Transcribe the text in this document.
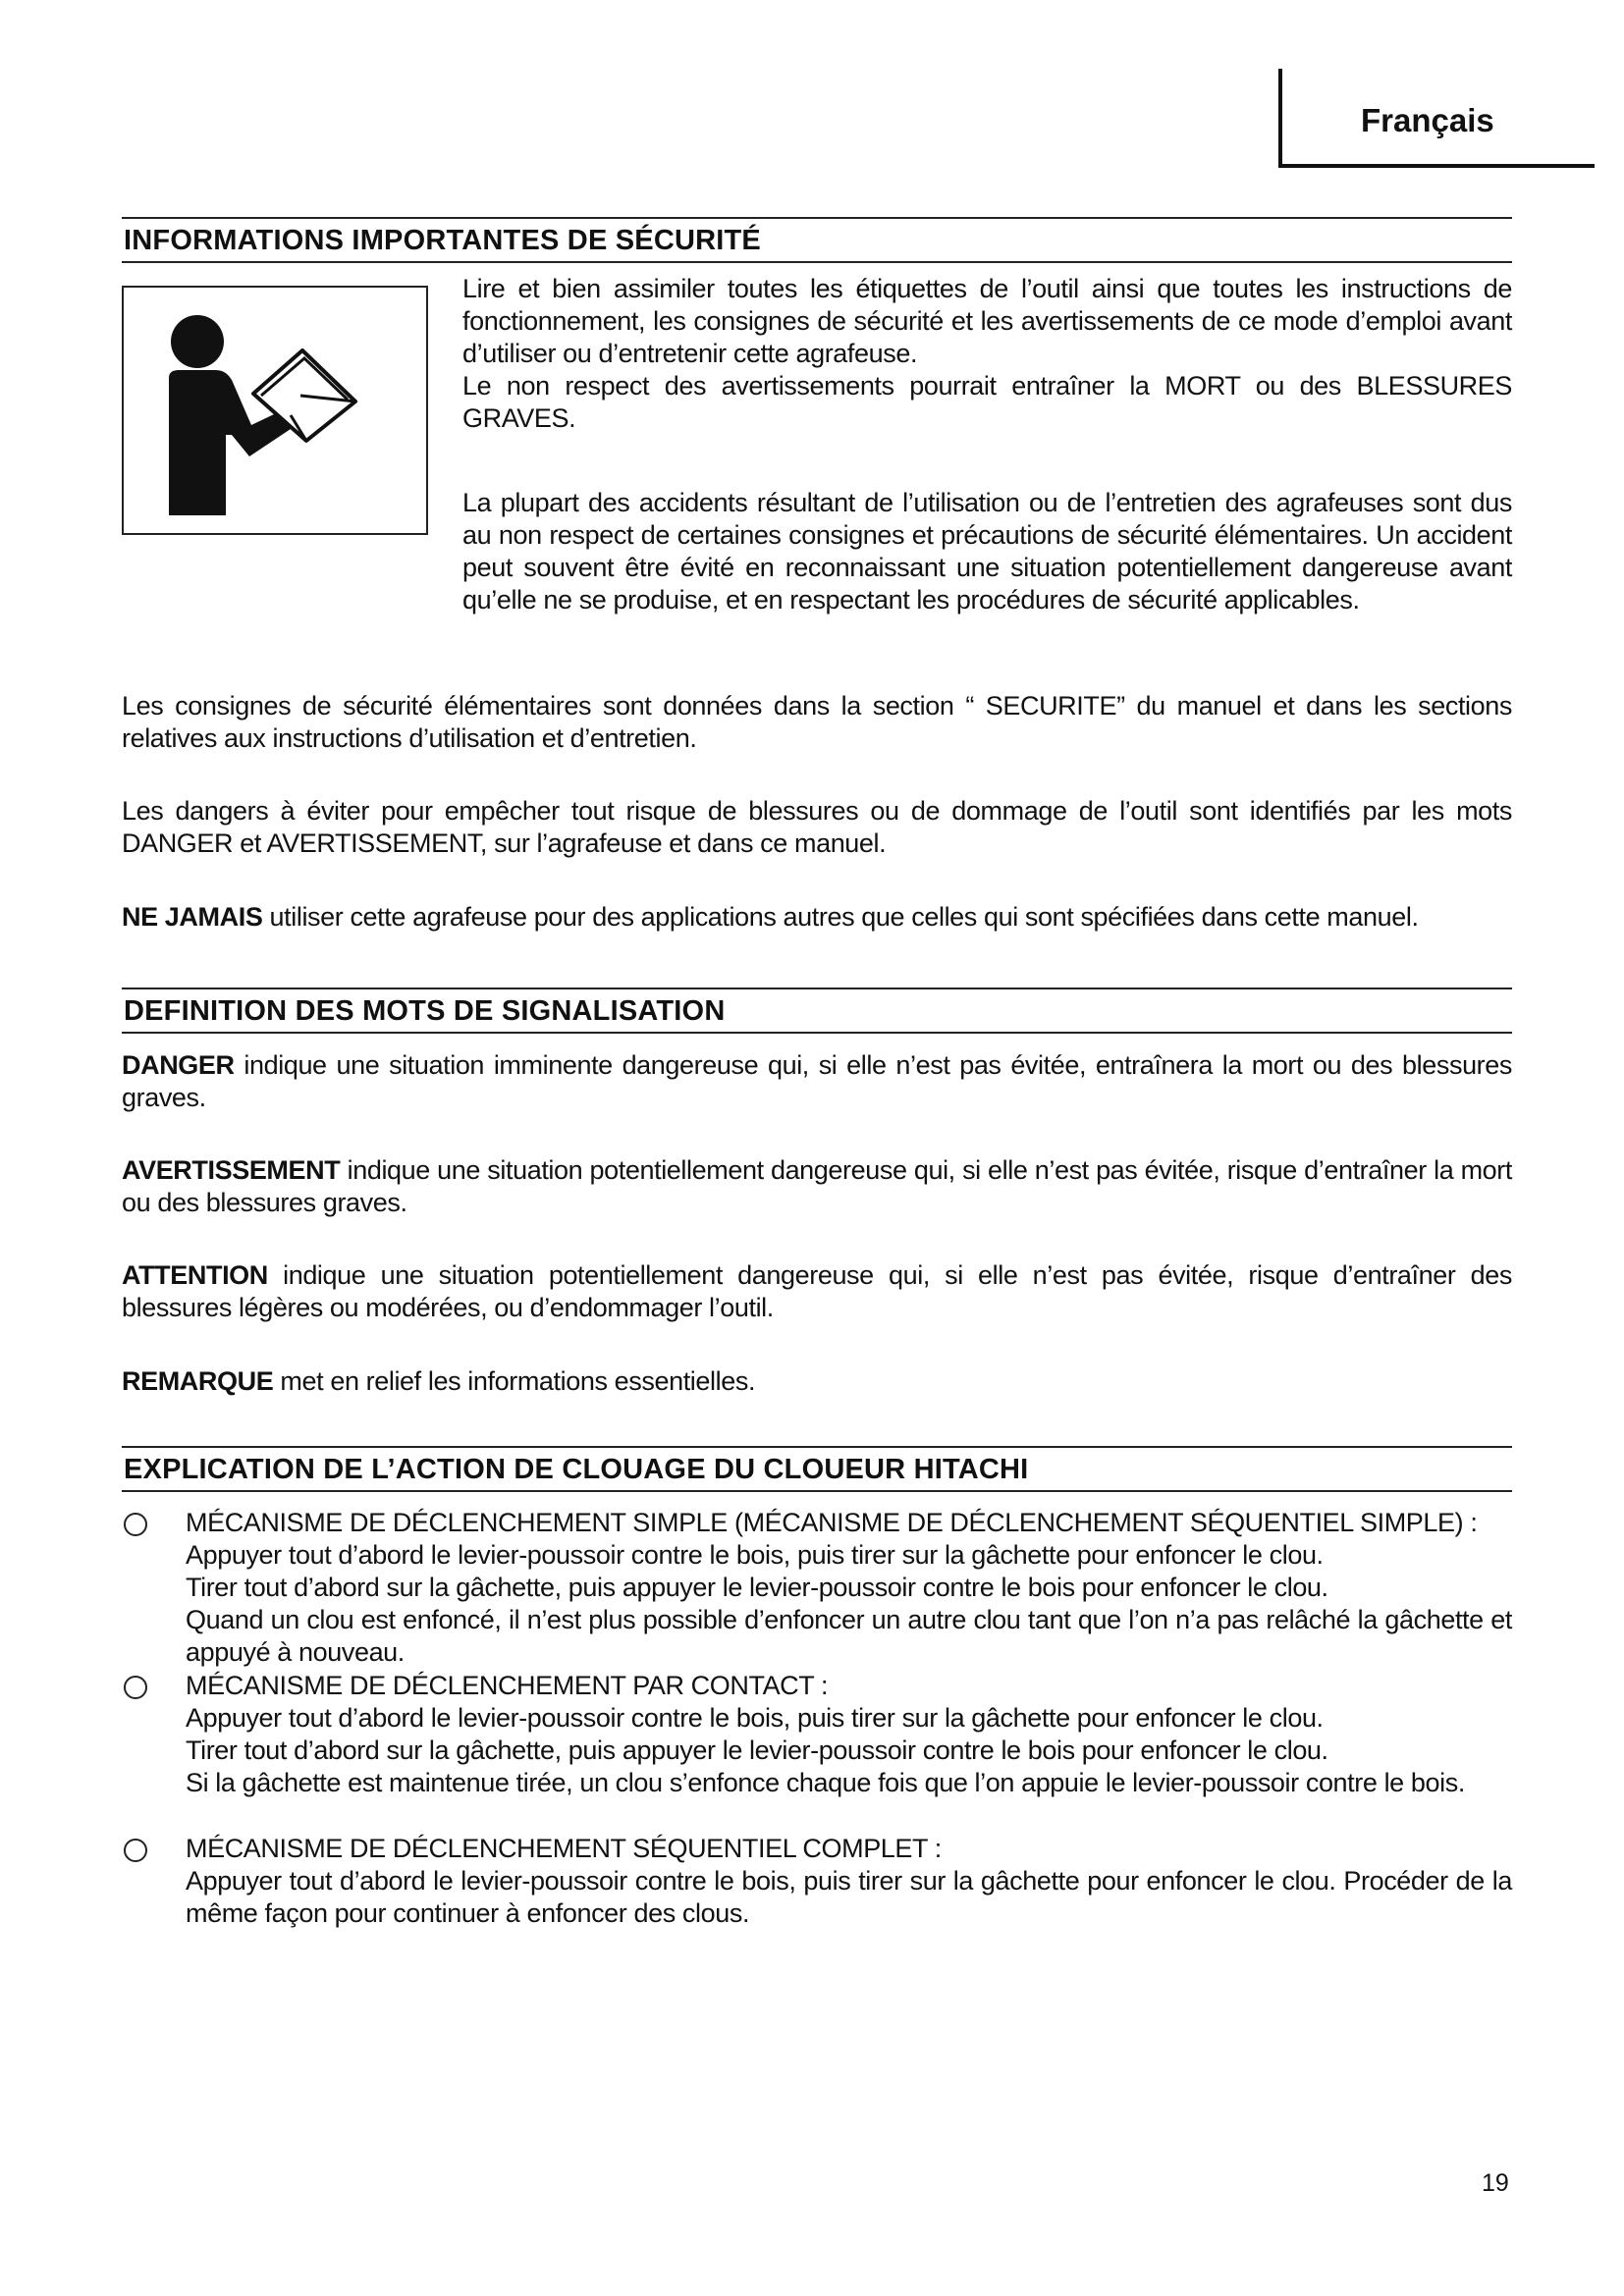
Français
INFORMATIONS IMPORTANTES DE SÉCURITÉ
Lire et bien assimiler toutes les étiquettes de l’outil ainsi que toutes les instructions de fonctionnement, les consignes de sécurité et les avertissements de ce mode d’emploi avant d’utiliser ou d’entretenir cette agrafeuse.
Le non respect des avertissements pourrait entraîner la MORT ou des BLESSURES GRAVES.
La plupart des accidents résultant de l’utilisation ou de l’entretien des agrafeuses sont dus au non respect de certaines consignes et précautions de sécurité élémentaires. Un accident peut souvent être évité en reconnaissant une situation potentiellement dangereuse avant qu’elle ne se produise, et en respectant les procédures de sécurité applicables.
Les consignes de sécurité élémentaires sont données dans la section “ SECURITE” du manuel et dans les sections relatives aux instructions d’utilisation et d’entretien.
Les dangers à éviter pour empêcher tout risque de blessures ou de dommage de l’outil sont identifiés par les mots DANGER et AVERTISSEMENT, sur l’agrafeuse et dans ce manuel.
NE JAMAIS utiliser cette agrafeuse pour des applications autres que celles qui sont spécifiées dans cette manuel.
DEFINITION DES MOTS DE SIGNALISATION
DANGER indique une situation imminente dangereuse qui, si elle n’est pas évitée, entraînera la mort ou des blessures graves.
AVERTISSEMENT indique une situation potentiellement dangereuse qui, si elle n’est pas évitée, risque d’entraîner la mort ou des blessures graves.
ATTENTION indique une situation potentiellement dangereuse qui, si elle n’est pas évitée, risque d’entraîner des blessures légères ou modérées, ou d’endommager l’outil.
REMARQUE met en relief les informations essentielles.
EXPLICATION DE L’ACTION DE CLOUAGE DU CLOUEUR HITACHI
MÉCANISME DE DÉCLENCHEMENT SIMPLE (MÉCANISME DE DÉCLENCHEMENT SÉQUENTIEL SIMPLE) :
Appuyer tout d’abord le levier-poussoir contre le bois, puis tirer sur la gâchette pour enfoncer le clou.
Tirer tout d’abord sur la gâchette, puis appuyer le levier-poussoir contre le bois pour enfoncer le clou.
Quand un clou est enfoncé, il n’est plus possible d’enfoncer un autre clou tant que l’on n’a pas relâché la gâchette et appuyé à nouveau.
MÉCANISME DE DÉCLENCHEMENT PAR CONTACT :
Appuyer tout d’abord le levier-poussoir contre le bois, puis tirer sur la gâchette pour enfoncer le clou.
Tirer tout d’abord sur la gâchette, puis appuyer le levier-poussoir contre le bois pour enfoncer le clou.
Si la gâchette est maintenue tirée, un clou s’enfonce chaque fois que l’on appuie le levier-poussoir contre le bois.
MÉCANISME DE DÉCLENCHEMENT SÉQUENTIEL COMPLET :
Appuyer tout d’abord le levier-poussoir contre le bois, puis tirer sur la gâchette pour enfoncer le clou. Procéder de la même façon pour continuer à enfoncer des clous.
19
